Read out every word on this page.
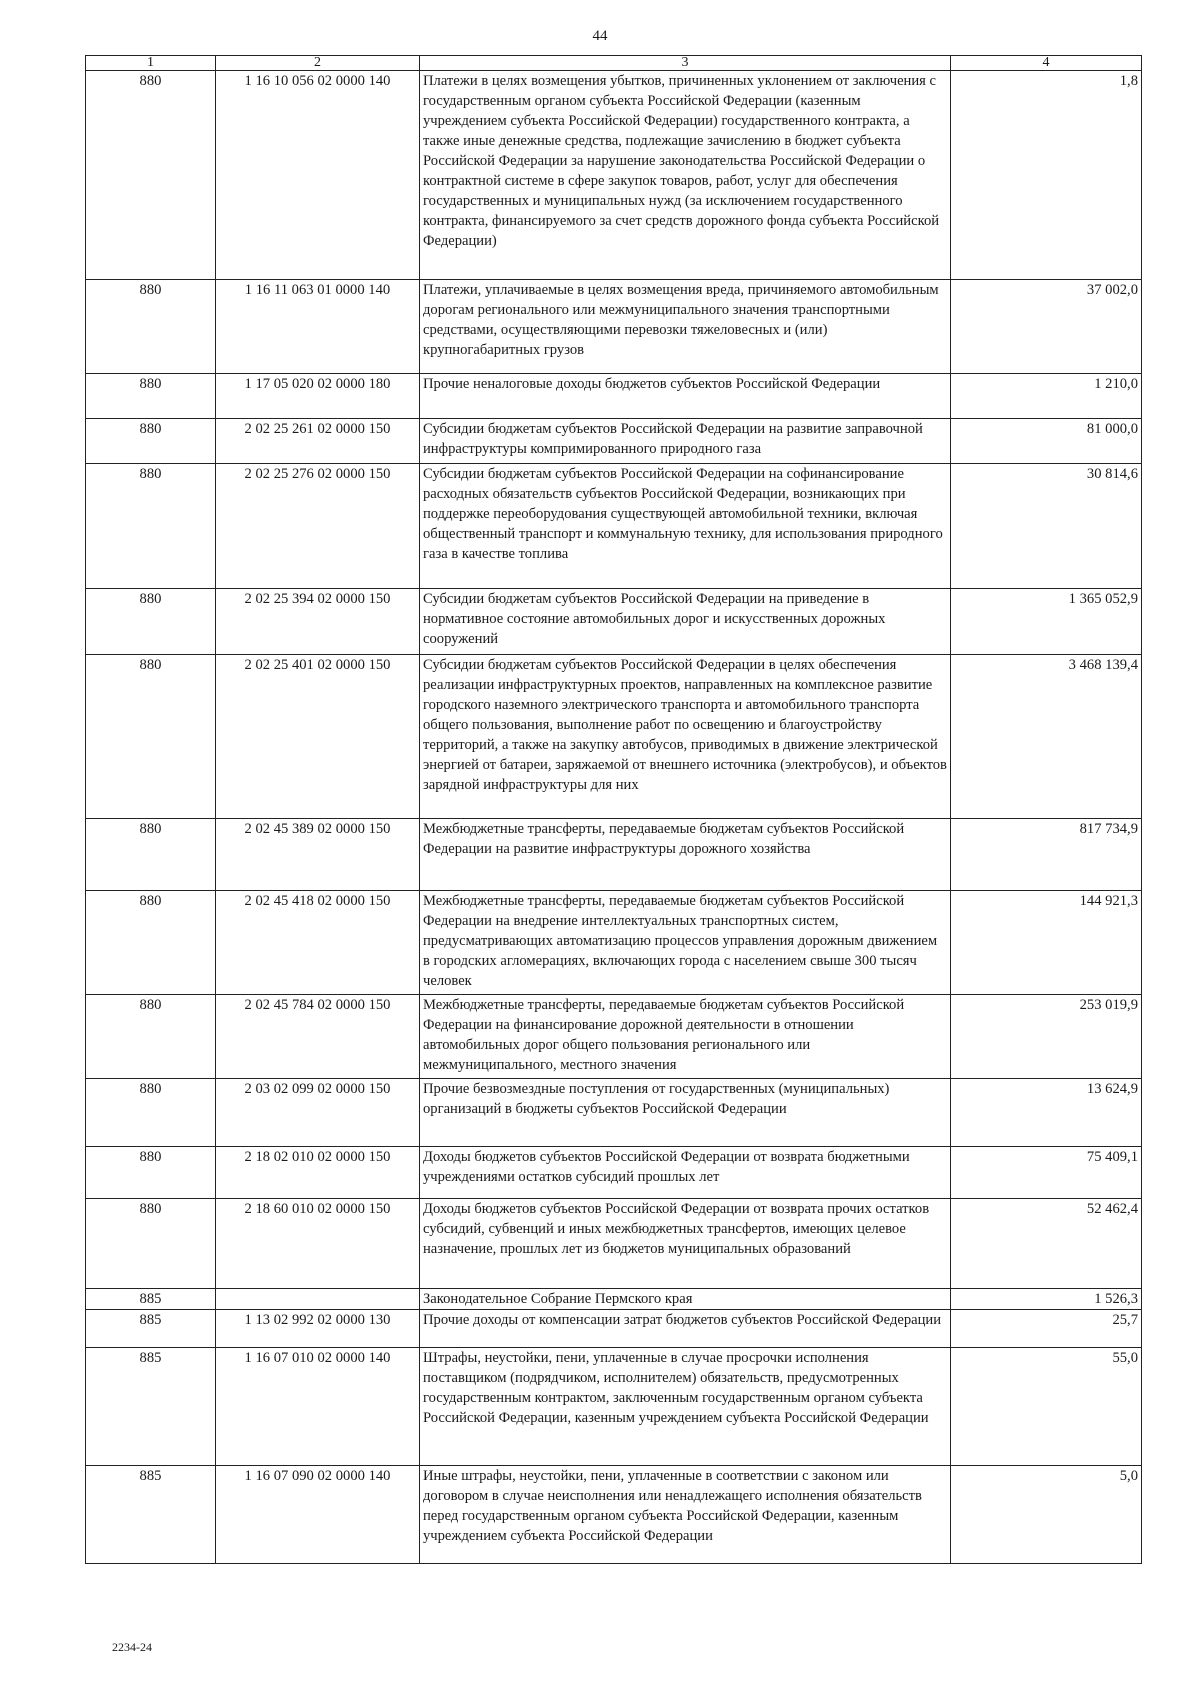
44
1	2	3	4
880	1 16 10 056 02 0000 140	Платежи в целях возмещения убытков, причиненных уклонением от заключения с государственным органом субъекта Российской Федерации (казенным учреждением субъекта Российской Федерации) государственного контракта, а также иные денежные средства, подлежащие зачислению в бюджет субъекта Российской Федерации за нарушение законодательства Российской Федерации о контрактной системе в сфере закупок товаров, работ, услуг для обеспечения государственных и муниципальных нужд (за исключением государственного контракта, финансируемого за счет средств дорожного фонда субъекта Российской Федерации)	1,8
880	1 16 11 063 01 0000 140	Платежи, уплачиваемые в целях возмещения вреда, причиняемого автомобильным дорогам регионального или межмуниципального значения транспортными средствами, осуществляющими перевозки тяжеловесных и (или) крупногабаритных грузов	37 002,0
880	1 17 05 020 02 0000 180	Прочие неналоговые доходы бюджетов субъектов Российской Федерации	1 210,0
880	2 02 25 261 02 0000 150	Субсидии бюджетам субъектов Российской Федерации на развитие заправочной инфраструктуры компримированного природного газа	81 000,0
880	2 02 25 276 02 0000 150	Субсидии бюджетам субъектов Российской Федерации на софинансирование расходных обязательств субъектов Российской Федерации, возникающих при поддержке переоборудования существующей автомобильной техники, включая общественный транспорт и коммунальную технику, для использования природного газа в качестве топлива	30 814,6
880	2 02 25 394 02 0000 150	Субсидии бюджетам субъектов Российской Федерации на приведение в нормативное состояние автомобильных дорог и искусственных дорожных сооружений	1 365 052,9
880	2 02 25 401 02 0000 150	Субсидии бюджетам субъектов Российской Федерации в целях обеспечения реализации инфраструктурных проектов, направленных на комплексное развитие городского наземного электрического транспорта и автомобильного транспорта общего пользования, выполнение работ по освещению и благоустройству территорий, а также на закупку автобусов, приводимых в движение электрической энергией от батареи, заряжаемой от внешнего источника (электробусов), и объектов зарядной инфраструктуры для них	3 468 139,4
880	2 02 45 389 02 0000 150	Межбюджетные трансферты, передаваемые бюджетам субъектов Российской Федерации на развитие инфраструктуры дорожного хозяйства	817 734,9
880	2 02 45 418 02 0000 150	Межбюджетные трансферты, передаваемые бюджетам субъектов Российской Федерации на внедрение интеллектуальных транспортных систем, предусматривающих автоматизацию процессов управления дорожным движением в городских агломерациях, включающих города с населением свыше 300 тысяч человек	144 921,3
880	2 02 45 784 02 0000 150	Межбюджетные трансферты, передаваемые бюджетам субъектов Российской Федерации на финансирование дорожной деятельности в отношении автомобильных дорог общего пользования регионального или межмуниципального, местного значения	253 019,9
880	2 03 02 099 02 0000 150	Прочие безвозмездные поступления от государственных (муниципальных) организаций в бюджеты субъектов Российской Федерации	13 624,9
880	2 18 02 010 02 0000 150	Доходы бюджетов субъектов Российской Федерации от возврата бюджетными учреждениями остатков субсидий прошлых лет	75 409,1
880	2 18 60 010 02 0000 150	Доходы бюджетов субъектов Российской Федерации от возврата прочих остатков субсидий, субвенций и иных межбюджетных трансфертов, имеющих целевое назначение, прошлых лет из бюджетов муниципальных образований	52 462,4
885		Законодательное Собрание Пермского края	1 526,3
885	1 13 02 992 02 0000 130	Прочие доходы от компенсации затрат бюджетов субъектов Российской Федерации	25,7
885	1 16 07 010 02 0000 140	Штрафы, неустойки, пени, уплаченные в случае просрочки исполнения поставщиком (подрядчиком, исполнителем) обязательств, предусмотренных государственным контрактом, заключенным государственным органом субъекта Российской Федерации, казенным учреждением субъекта Российской Федерации	55,0
885	1 16 07 090 02 0000 140	Иные штрафы, неустойки, пени, уплаченные в соответствии с законом или договором в случае неисполнения или ненадлежащего исполнения обязательств перед государственным органом субъекта Российской Федерации, казенным учреждением субъекта Российской Федерации	5,0
2234-24
